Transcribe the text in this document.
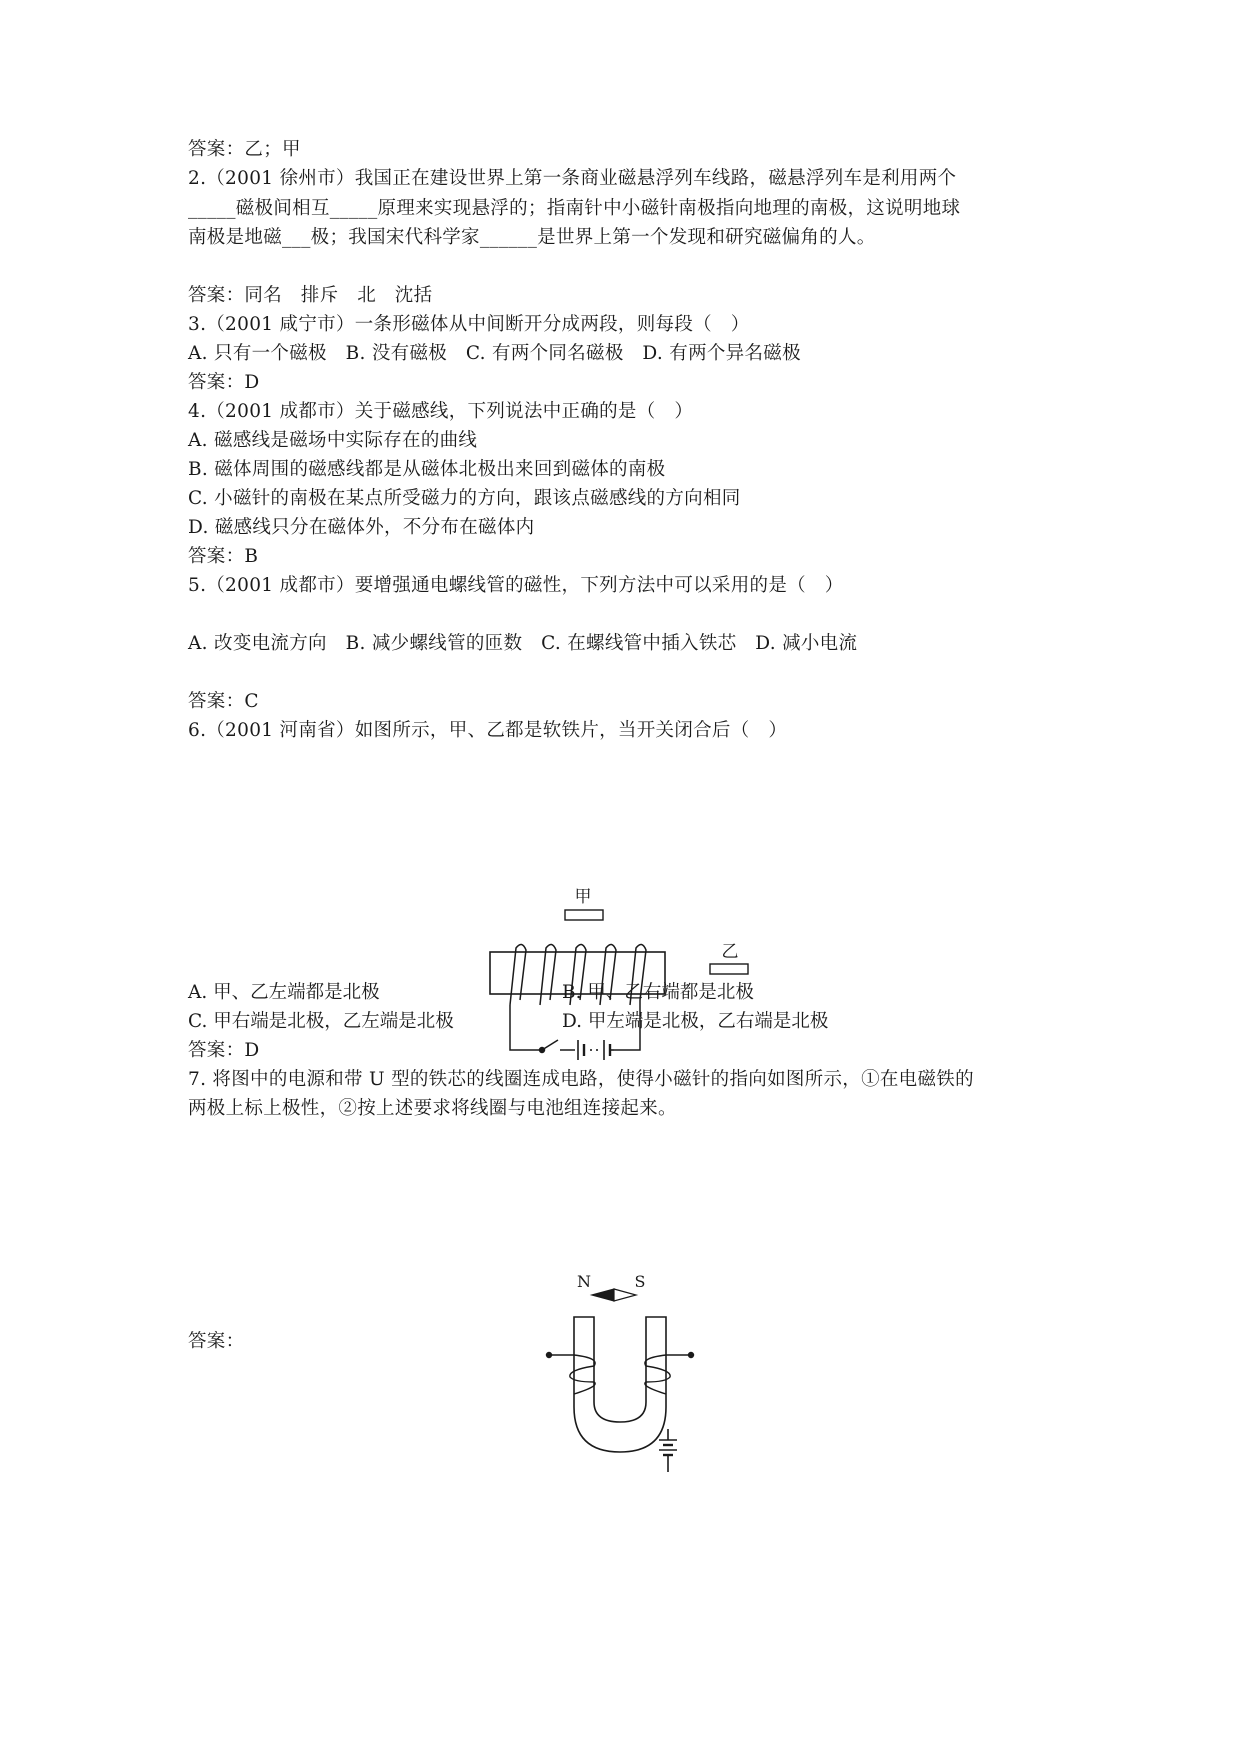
答案：乙；甲
2.（2001 徐州市）我国正在建设世界上第一条商业磁悬浮列车线路，磁悬浮列车是利用两个
_____磁极间相互_____原理来实现悬浮的；指南针中小磁针南极指向地理的南极，这说明地球
南极是地磁___极；我国宋代科学家______是世界上第一个发现和研究磁偏角的人。
答案：同名　排斥　北　沈括
3.（2001 咸宁市）一条形磁体从中间断开分成两段，则每段（　）
A. 只有一个磁极　B. 没有磁极　C. 有两个同名磁极　D. 有两个异名磁极
答案：D
4.（2001 成都市）关于磁感线，下列说法中正确的是（　）
A. 磁感线是磁场中实际存在的曲线
B. 磁体周围的磁感线都是从磁体北极出来回到磁体的南极
C. 小磁针的南极在某点所受磁力的方向，跟该点磁感线的方向相同
D. 磁感线只分在磁体外，不分布在磁体内
答案：B
5.（2001 成都市）要增强通电螺线管的磁性，下列方法中可以采用的是（　）
A. 改变电流方向　B. 减少螺线管的匝数　C. 在螺线管中插入铁芯　D. 减小电流
答案：C
6.（2001 河南省）如图所示，甲、乙都是软铁片，当开关闭合后（　）
甲
乙
A. 甲、乙左端都是北极	B. 甲、乙右端都是北极
C. 甲右端是北极，乙左端是北极	D. 甲左端是北极，乙右端是北极
答案：D
7. 将图中的电源和带 U 型的铁芯的线圈连成电路，使得小磁针的指向如图所示，①在电磁铁的
两极上标上极性，②按上述要求将线圈与电池组连接起来。
N	S
答案：
